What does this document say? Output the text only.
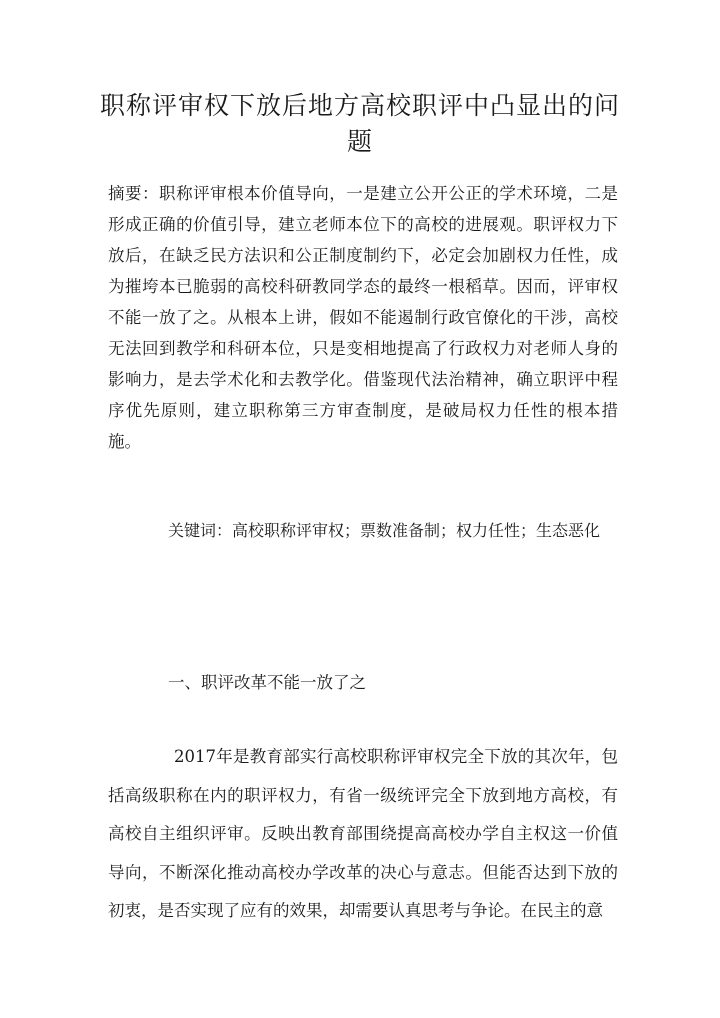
职称评审权下放后地方高校职评中凸显出的问题

摘要：职称评审根本价值导向，一是建立公开公正的学术环境，二是形成正确的价值引导，建立老师本位下的高校的进展观。职评权力下放后，在缺乏民方法识和公正制度制约下，必定会加剧权力任性，成为摧垮本已脆弱的高校科研教同学态的最终一根稻草。因而，评审权不能一放了之。从根本上讲，假如不能遏制行政官僚化的干涉，高校无法回到教学和科研本位，只是变相地提高了行政权力对老师人身的影响力，是去学术化和去教学化。借鉴现代法治精神，确立职评中程序优先原则，建立职称第三方审查制度，是破局权力任性的根本措施。

关键词：高校职称评审权；票数准备制；权力任性；生态恶化

一、职评改革不能一放了之

2017年是教育部实行高校职称评审权完全下放的其次年，包括高级职称在内的职评权力，有省一级统评完全下放到地方高校，有高校自主组织评审。反映出教育部围绕提高高校办学自主权这一价值导向，不断深化推动高校办学改革的决心与意志。但能否达到下放的初衷，是否实现了应有的效果，却需要认真思考与争论。在民主的意
